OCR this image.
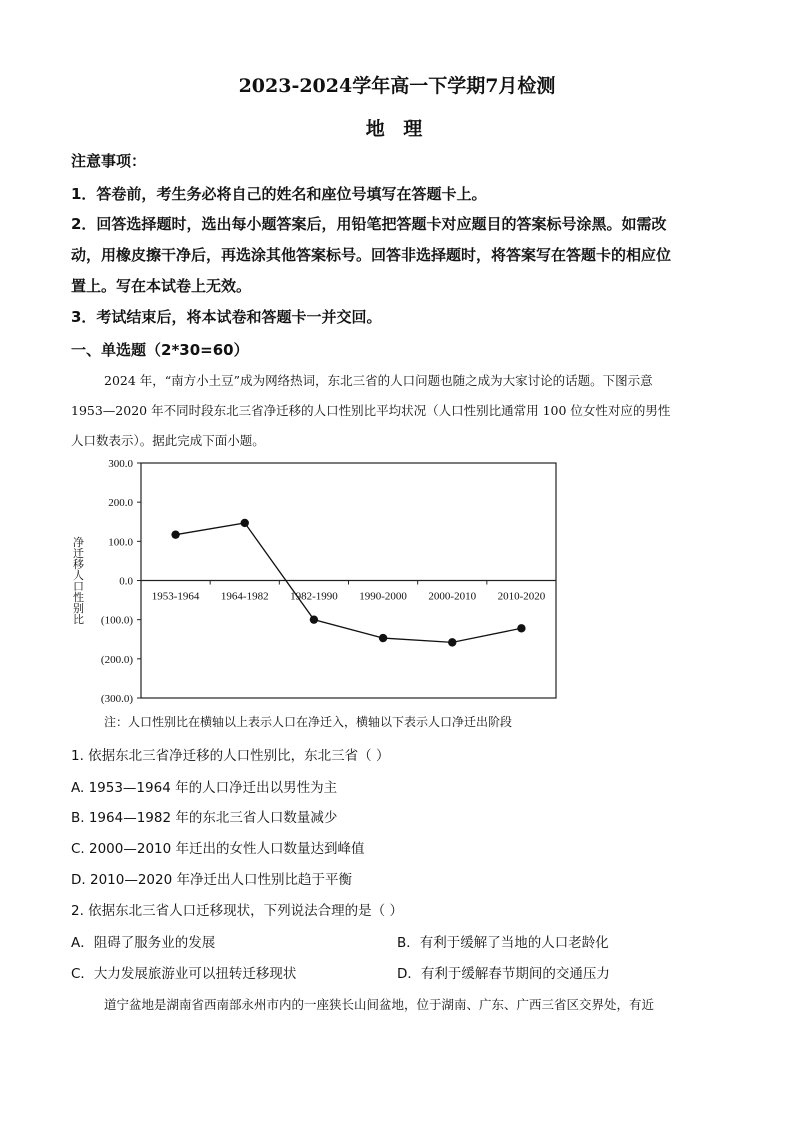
2023-2024学年高一下学期7月检测
地 理
注意事项：
1．答卷前，考生务必将自己的姓名和座位号填写在答题卡上。
2．回答选择题时，选出每小题答案后，用铅笔把答题卡对应题目的答案标号涂黑。如需改
动，用橡皮擦干净后，再选涂其他答案标号。回答非选择题时，将答案写在答题卡的相应位
置上。写在本试卷上无效。
3．考试结束后，将本试卷和答题卡一并交回。
一、单选题（2*30=60）
2024 年，“南方小土豆”成为网络热词，东北三省的人口问题也随之成为大家讨论的话题。下图示意
1953—2020 年不同时段东北三省净迁移的人口性别比平均状况（人口性别比通常用 100 位女性对应的男性
人口数表示）。据此完成下面小题。
300.0
200.0
100.0
0.0
(100.0)
(200.0)
(300.0)
1953-1964 1964-1982 1982-1990 1990-2000 2000-2010 2010-2020
净迁移人口性别比
注：人口性别比在横轴以上表示人口在净迁入，横轴以下表示人口净迁出阶段
1. 依据东北三省净迁移的人口性别比，东北三省（ ）
A. 1953—1964 年的人口净迁出以男性为主
B. 1964—1982 年的东北三省人口数量减少
C. 2000—2010 年迁出的女性人口数量达到峰值
D. 2010—2020 年净迁出人口性别比趋于平衡
2. 依据东北三省人口迁移现状，下列说法合理的是（ ）
A．阻碍了服务业的发展	B．有利于缓解了当地的人口老龄化
C．大力发展旅游业可以扭转迁移现状	D．有利于缓解春节期间的交通压力
道宁盆地是湖南省西南部永州市内的一座狭长山间盆地，位于湖南、广东、广西三省区交界处，有近
